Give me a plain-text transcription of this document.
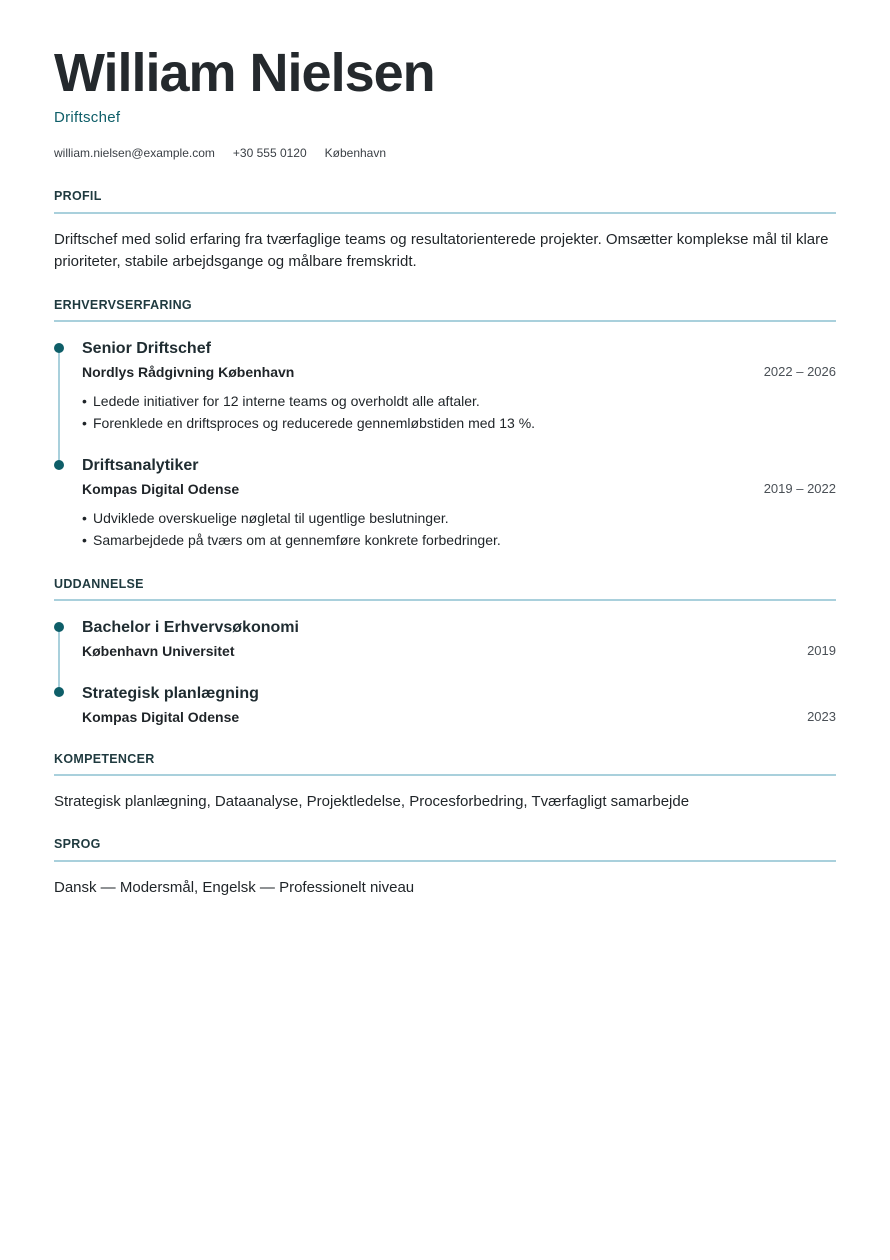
William Nielsen
Driftschef
william.nielsen@example.com +30 555 0120 København
PROFIL
Driftschef med solid erfaring fra tværfaglige teams og resultatorienterede projekter. Omsætter komplekse mål til klare prioriteter, stabile arbejdsgange og målbare fremskridt.
ERHVERVSERFARING
Senior Driftschef
Nordlys Rådgivning København	2022 – 2026
• Ledede initiativer for 12 interne teams og overholdt alle aftaler.
• Forenklede en driftsproces og reducerede gennemløbstiden med 13 %.
Driftsanalytiker
Kompas Digital Odense	2019 – 2022
• Udviklede overskuelige nøgletal til ugentlige beslutninger.
• Samarbejdede på tværs om at gennemføre konkrete forbedringer.
UDDANNELSE
Bachelor i Erhvervsøkonomi
København Universitet	2019
Strategisk planlægning
Kompas Digital Odense	2023
KOMPETENCER
Strategisk planlægning, Dataanalyse, Projektledelse, Procesforbedring, Tværfagligt samarbejde
SPROG
Dansk — Modersmål, Engelsk — Professionelt niveau
